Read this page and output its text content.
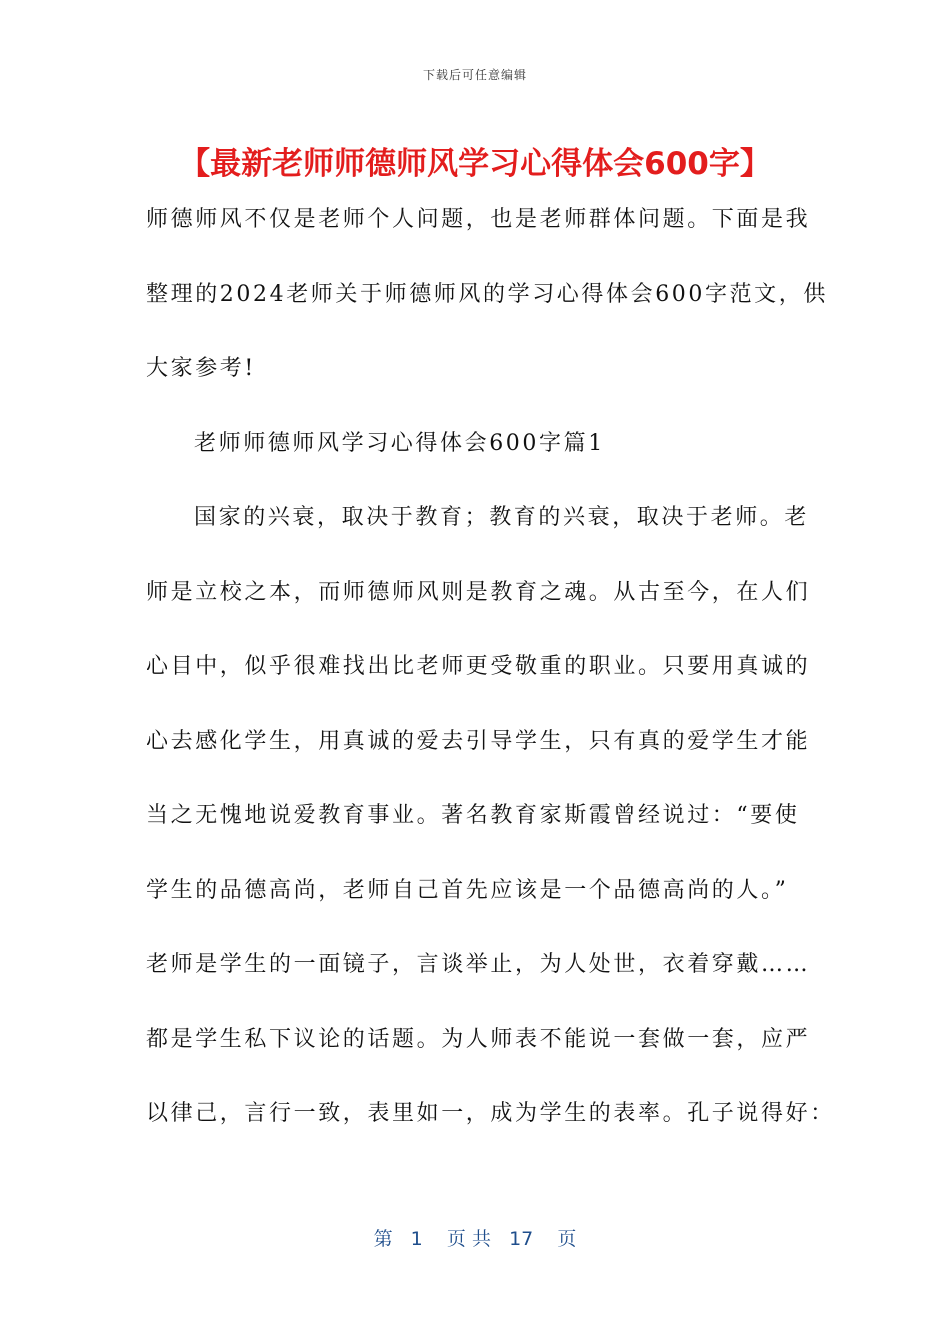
下载后可任意编辑
【最新老师师德师风学习心得体会600字】
师德师风不仅是老师个人问题，也是老师群体问题。下面是我
整理的2024老师关于师德师风的学习心得体会600字范文，供
大家参考!
老师师德师风学习心得体会600字篇1
国家的兴衰，取决于教育；教育的兴衰，取决于老师。老
师是立校之本，而师德师风则是教育之魂。从古至今，在人们
心目中，似乎很难找出比老师更受敬重的职业。只要用真诚的
心去感化学生，用真诚的爱去引导学生，只有真的爱学生才能
当之无愧地说爱教育事业。著名教育家斯霞曾经说过：“要使
学生的品德高尚，老师自己首先应该是一个品德高尚的人。”
老师是学生的一面镜子，言谈举止，为人处世，衣着穿戴……
都是学生私下议论的话题。为人师表不能说一套做一套，应严
以律己，言行一致，表里如一，成为学生的表率。孔子说得好：
第   1    页 共   17    页
